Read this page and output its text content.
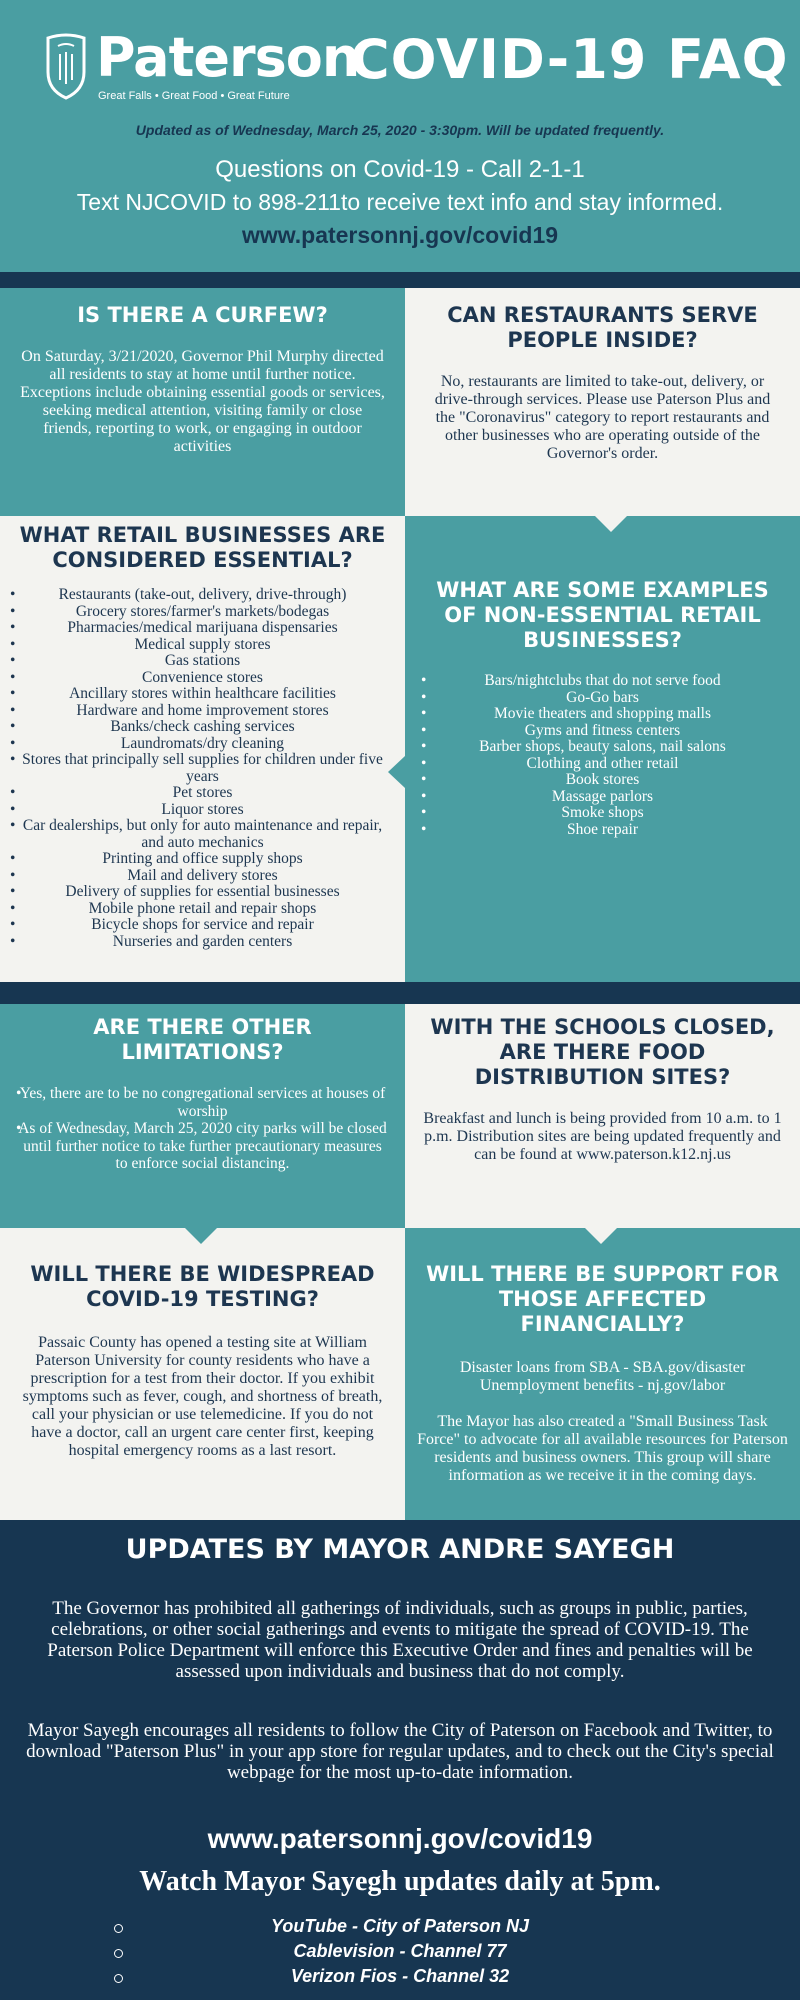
Paterson
Great Falls • Great Food • Great Future
COVID-19 FAQ
Updated as of Wednesday, March 25, 2020 - 3:30pm. Will be updated frequently.
Questions on Covid-19 - Call 2-1-1
Text NJCOVID to 898-211to receive text info and stay informed.
www.patersonnj.gov/covid19
IS THERE A CURFEW?

On Saturday, 3/21/2020, Governor Phil Murphy directed all residents to stay at home until further notice. Exceptions include obtaining essential goods or services, seeking medical attention, visiting family or close friends, reporting to work, or engaging in outdoor activities

CAN RESTAURANTS SERVE PEOPLE INSIDE?

No, restaurants are limited to take-out, delivery, or drive-through services. Please use Paterson Plus and the "Coronavirus" category to report restaurants and other businesses who are operating outside of the Governor's order.

WHAT RETAIL BUSINESSES ARE CONSIDERED ESSENTIAL?
• Restaurants (take-out, delivery, drive-through)
• Grocery stores/farmer's markets/bodegas
• Pharmacies/medical marijuana dispensaries
• Medical supply stores
• Gas stations
• Convenience stores
• Ancillary stores within healthcare facilities
• Hardware and home improvement stores
• Banks/check cashing services
• Laundromats/dry cleaning
• Stores that principally sell supplies for children under five years
• Pet stores
• Liquor stores
• Car dealerships, but only for auto maintenance and repair, and auto mechanics
• Printing and office supply shops
• Mail and delivery stores
• Delivery of supplies for essential businesses
• Mobile phone retail and repair shops
• Bicycle shops for service and repair
• Nurseries and garden centers
WHAT ARE SOME EXAMPLES OF NON-ESSENTIAL RETAIL BUSINESSES?
• Bars/nightclubs that do not serve food
• Go-Go bars
• Movie theaters and shopping malls
• Gyms and fitness centers
• Barber shops, beauty salons, nail salons
• Clothing and other retail
• Book stores
• Massage parlors
• Smoke shops
• Shoe repair
ARE THERE OTHER LIMITATIONS?
• Yes, there are to be no congregational services at houses of worship
• As of Wednesday, March 25, 2020 city parks will be closed until further notice to take further precautionary measures to enforce social distancing.
WITH THE SCHOOLS CLOSED, ARE THERE FOOD DISTRIBUTION SITES?

Breakfast and lunch is being provided from 10 a.m. to 1 p.m. Distribution sites are being updated frequently and can be found at www.paterson.k12.nj.us

WILL THERE BE WIDESPREAD COVID-19 TESTING?

Passaic County has opened a testing site at William Paterson University for county residents who have a prescription for a test from their doctor. If you exhibit symptoms such as fever, cough, and shortness of breath, call your physician or use telemedicine. If you do not have a doctor, call an urgent care center first, keeping hospital emergency rooms as a last resort.

WILL THERE BE SUPPORT FOR THOSE AFFECTED FINANCIALLY?

Disaster loans from SBA - SBA.gov/disaster

Unemployment benefits - nj.gov/labor

The Mayor has also created a "Small Business Task Force" to advocate for all available resources for Paterson residents and business owners. This group will share information as we receive it in the coming days.

UPDATES BY MAYOR ANDRE SAYEGH
The Governor has prohibited all gatherings of individuals, such as groups in public, parties, celebrations, or other social gatherings and events to mitigate the spread of COVID-19. The Paterson Police Department will enforce this Executive Order and fines and penalties will be assessed upon individuals and business that do not comply.
Mayor Sayegh encourages all residents to follow the City of Paterson on Facebook and Twitter, to download "Paterson Plus" in your app store for regular updates, and to check out the City's special webpage for the most up-to-date information.
www.patersonnj.gov/covid19
Watch Mayor Sayegh updates daily at 5pm.
YouTube - City of Paterson NJ
Cablevision - Channel 77
Verizon Fios - Channel 32
